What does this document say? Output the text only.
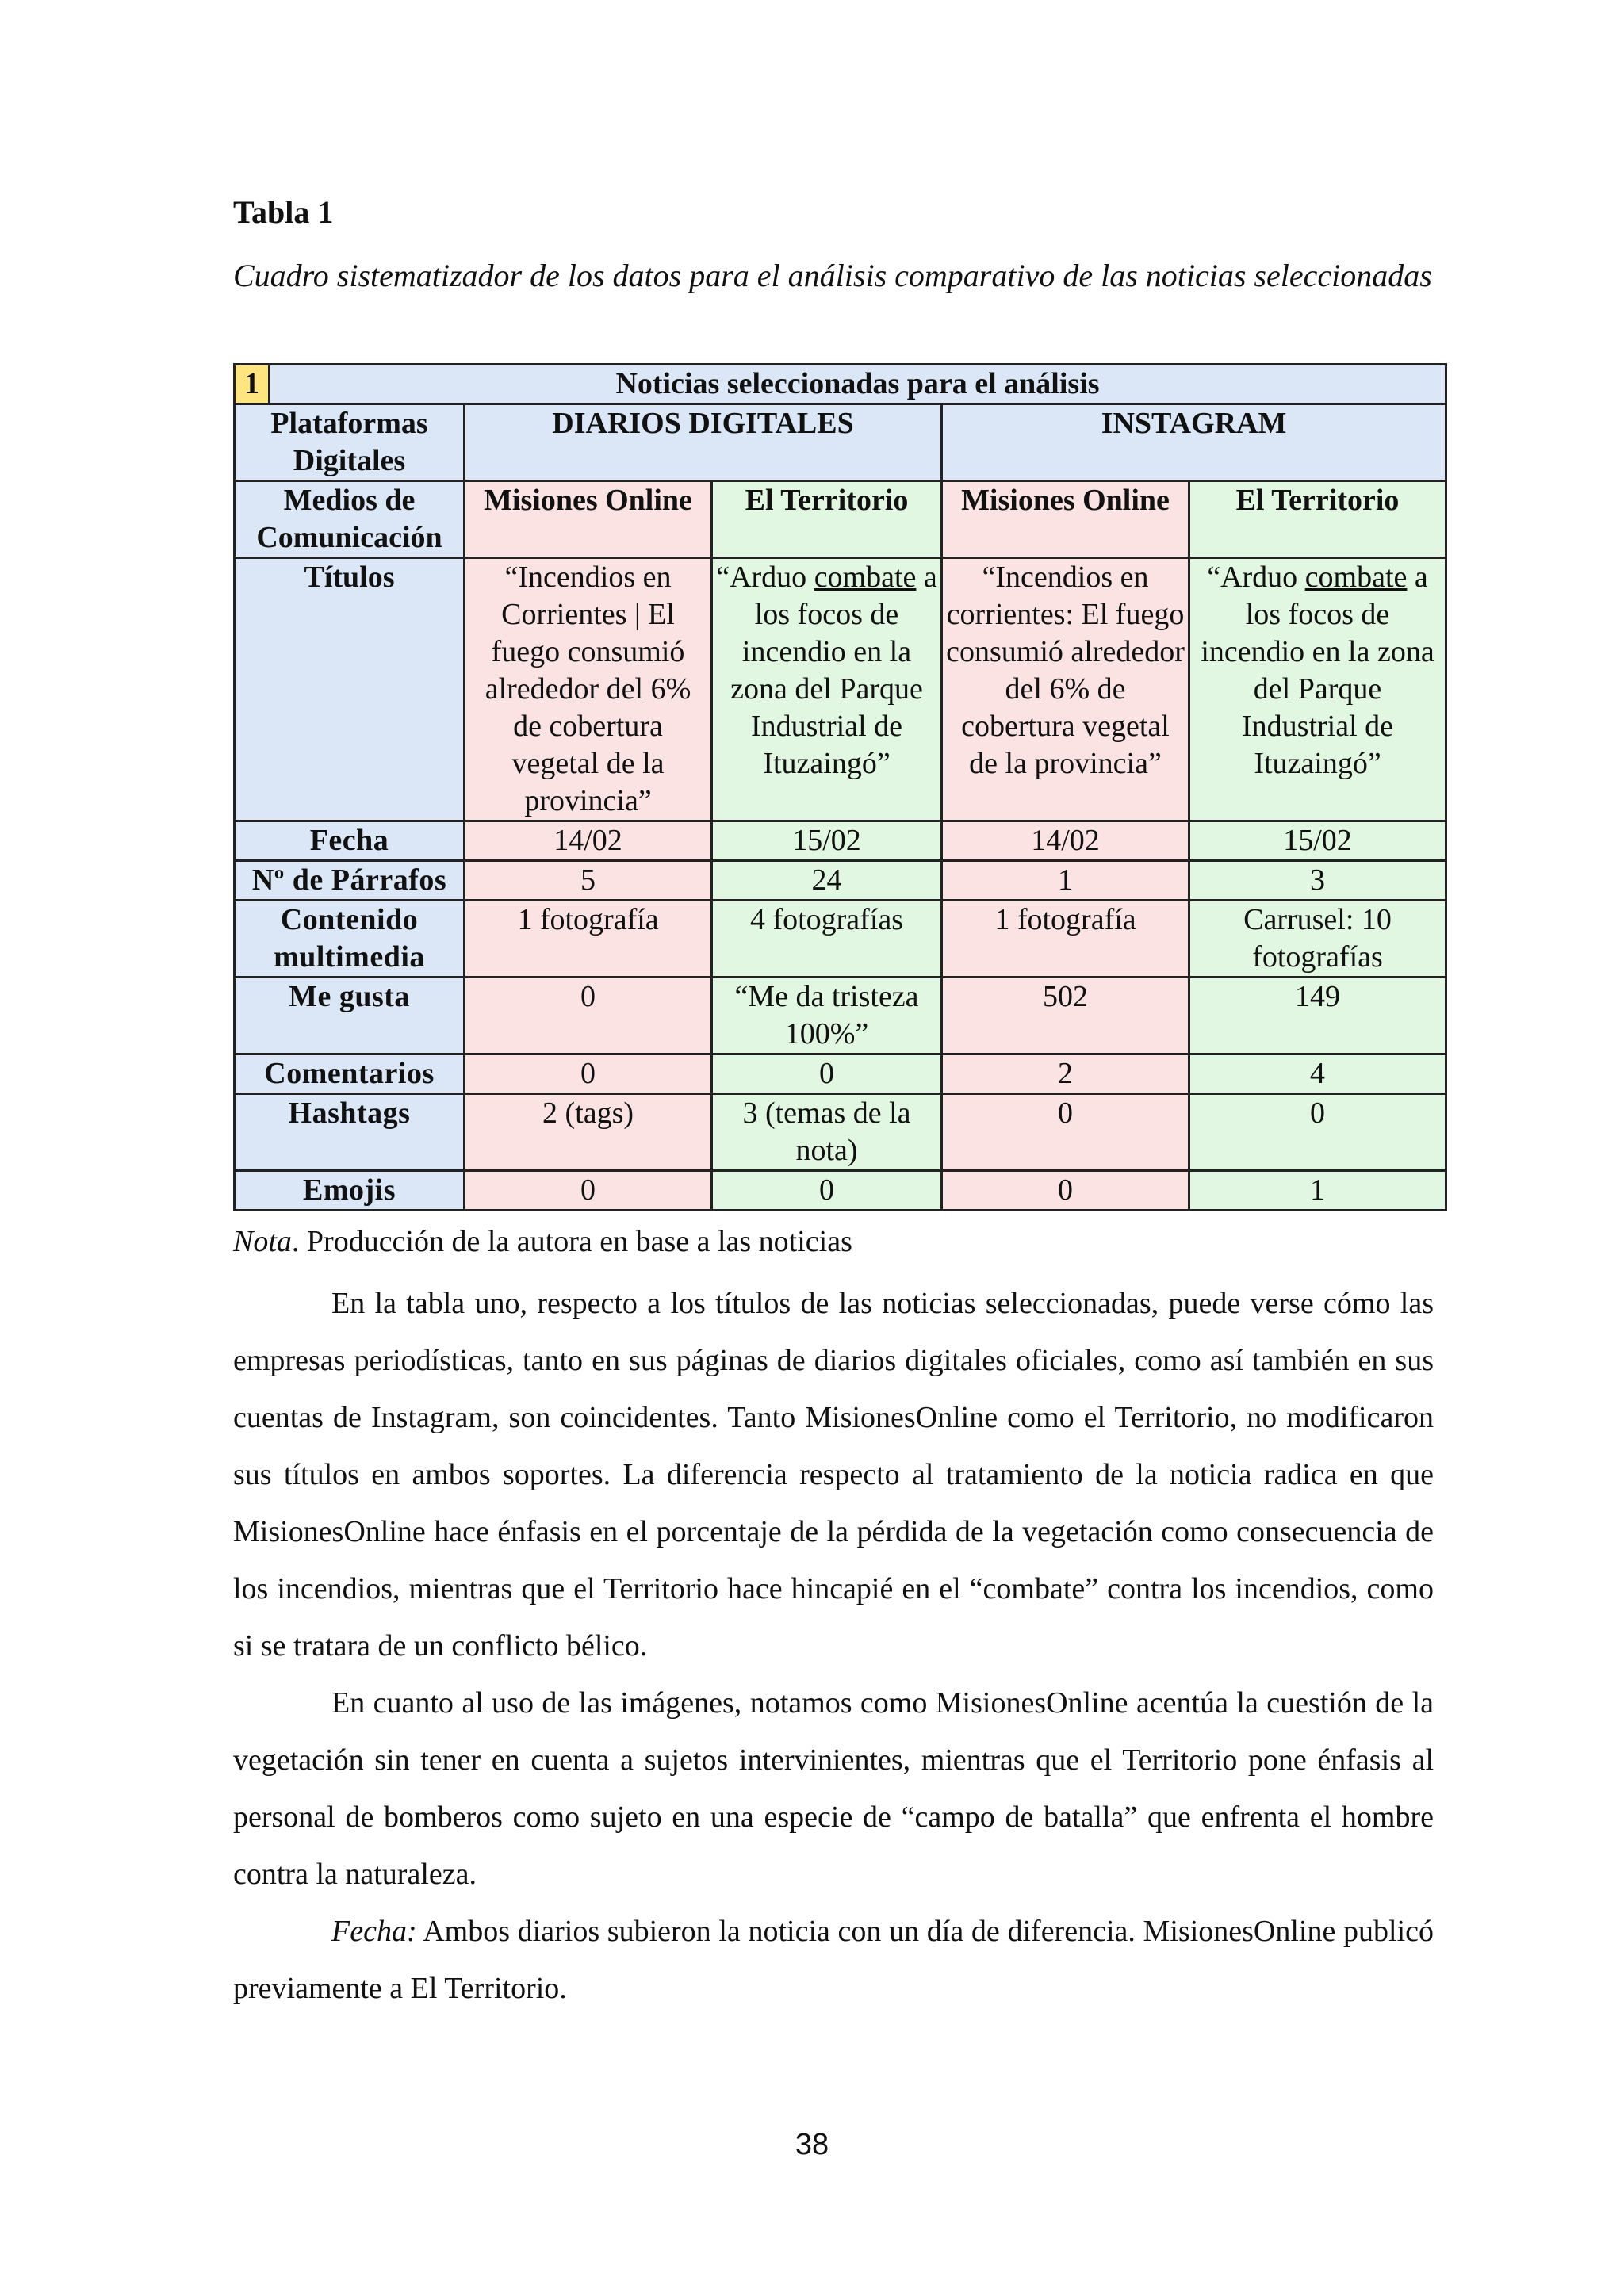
Tabla 1
Cuadro sistematizador de los datos para el análisis comparativo de las noticias seleccionadas
1	Noticias seleccionadas para el análisis				
Plataformas Digitales		DIARIOS DIGITALES		INSTAGRAM	
Medios de Comunicación		Misiones Online	El Territorio	Misiones Online	El Territorio
Títulos		“Incendios en Corrientes | El fuego consumió alrededor del 6% de cobertura vegetal de la provincia”	“Arduo combate a los focos de incendio en la zona del Parque Industrial de Ituzaingó”	“Incendios en corrientes: El fuego consumió alrededor del 6% de cobertura vegetal de la provincia”	“Arduo combate a los focos de incendio en la zona del Parque Industrial de Ituzaingó”
Fecha		14/02	15/02	14/02	15/02
Nº de Párrafos		5	24	1	3
Contenido multimedia		1 fotografía	4 fotografías	1 fotografía	Carrusel: 10 fotografías
Me gusta		0	“Me da tristeza 100%”	502	149
Comentarios		0	0	2	4
Hashtags		2 (tags)	3 (temas de la nota)	0	0
Emojis		0	0	0	1
Nota. Producción de la autora en base a las noticias

En la tabla uno, respecto a los títulos de las noticias seleccionadas, puede verse cómo las empresas periodísticas, tanto en sus páginas de diarios digitales oficiales, como así también en sus cuentas de Instagram, son coincidentes. Tanto MisionesOnline como el Territorio, no modificaron sus títulos en ambos soportes. La diferencia respecto al tratamiento de la noticia radica en que MisionesOnline hace énfasis en el porcentaje de la pérdida de la vegetación como consecuencia de los incendios, mientras que el Territorio hace hincapié en el “combate” contra los incendios, como si se tratara de un conflicto bélico.

En cuanto al uso de las imágenes, notamos como MisionesOnline acentúa la cuestión de la vegetación sin tener en cuenta a sujetos intervinientes, mientras que el Territorio pone énfasis al personal de bomberos como sujeto en una especie de “campo de batalla” que enfrenta el hombre contra la naturaleza.

Fecha: Ambos diarios subieron la noticia con un día de diferencia. MisionesOnline publicó previamente a El Territorio.

38
